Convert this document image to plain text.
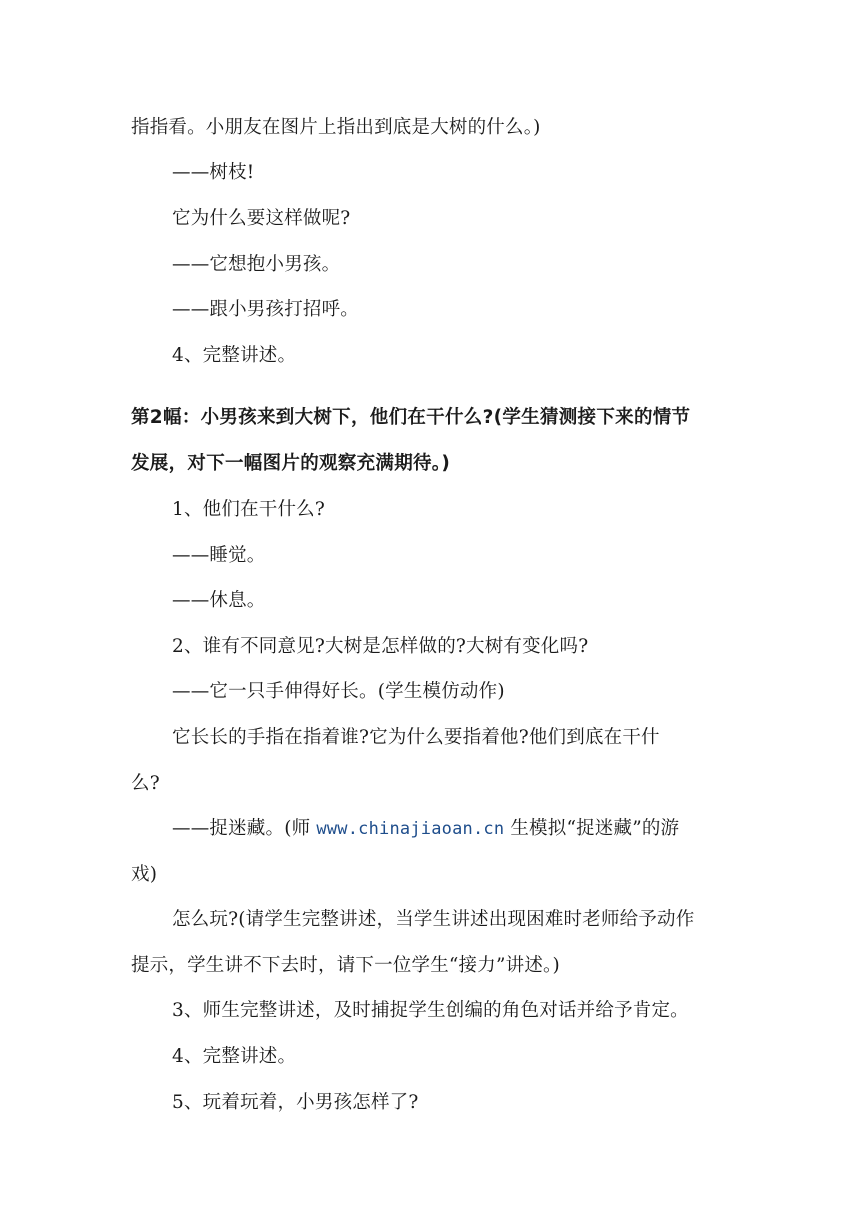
指指看。小朋友在图片上指出到底是大树的什么。)
——树枝!
它为什么要这样做呢?
——它想抱小男孩。
——跟小男孩打招呼。
4、完整讲述。
第2幅：小男孩来到大树下，他们在干什么?(学生猜测接下来的情节
发展，对下一幅图片的观察充满期待。)
1、他们在干什么?
——睡觉。
——休息。
2、谁有不同意见?大树是怎样做的?大树有变化吗?
——它一只手伸得好长。(学生模仿动作)
它长长的手指在指着谁?它为什么要指着他?他们到底在干什
么?
——捉迷藏。(师 www.chinajiaoan.cn 生模拟“捉迷藏”的游
戏)
怎么玩?(请学生完整讲述，当学生讲述出现困难时老师给予动作
提示，学生讲不下去时，请下一位学生“接力”讲述。)
3、师生完整讲述，及时捕捉学生创编的角色对话并给予肯定。
4、完整讲述。
5、玩着玩着，小男孩怎样了?
